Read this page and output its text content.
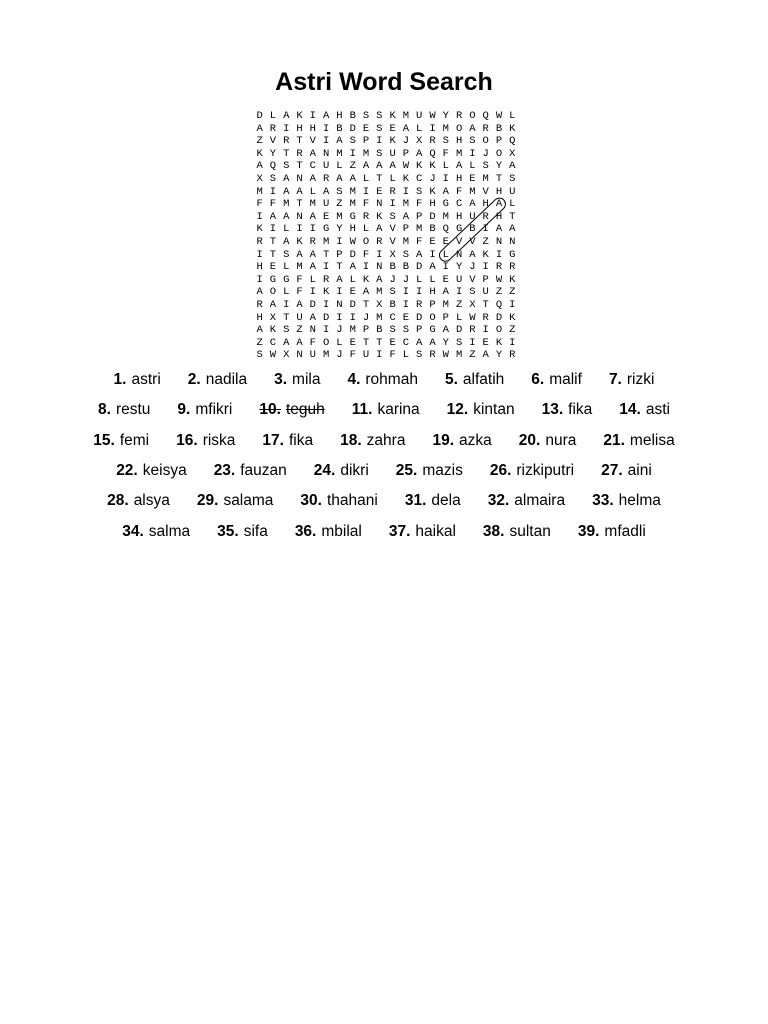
Astri Word Search
D L A K I A H B S S K M U W Y R O Q W L
A R I H H I B D E S E A L I M O A R B K
Z V R T V I A S P I K J X R S H S O P Q
K Y T R A N M I M S U P A Q F M I J O X
A Q S T C U L Z A A A W K K L A L S Y A
X S A N A R A A L T L K C J I H E M T S
M I A A L A S M I E R I S K A F M V H U
F F M T M U Z M F N I M F H G C A H A L
I A A N A E M G R K S A P D M H U R H T
K I L I I G Y H L A V P M B Q G B I A A
R T A K R M I W O R V M F E E V V Z N N
I T S A A T P D F I X S A I L N A K I G
H E L M A I T A I N B B D A I Y J I R R
I G G F L R A L K A J J L L E U V P W K
A O L F I K I E A M S I I H A I S U Z Z
R A I A D I N D T X B I R P M Z X T Q I
H X T U A D I I J M C E D O P L W R D K
A K S Z N I J M P B S S P G A D R I O Z
Z C A A F O L E T T E C A A Y S I E K I
S W X N U M J F U I F L S R W M Z A Y R
1. astri 2. nadila 3. mila 4. rohmah 5. alfatih 6. malif 7. rizki
8. restu 9. mfikri 10. teguh 11. karina 12. kintan 13. fika 14. asti
15. femi 16. riska 17. fika 18. zahra 19. azka 20. nura 21. melisa
22. keisya 23. fauzan 24. dikri 25. mazis 26. rizkiputri 27. aini
28. alsya 29. salama 30. thahani 31. dela 32. almaira 33. helma
34. salma 35. sifa 36. mbilal 37. haikal 38. sultan 39. mfadli
